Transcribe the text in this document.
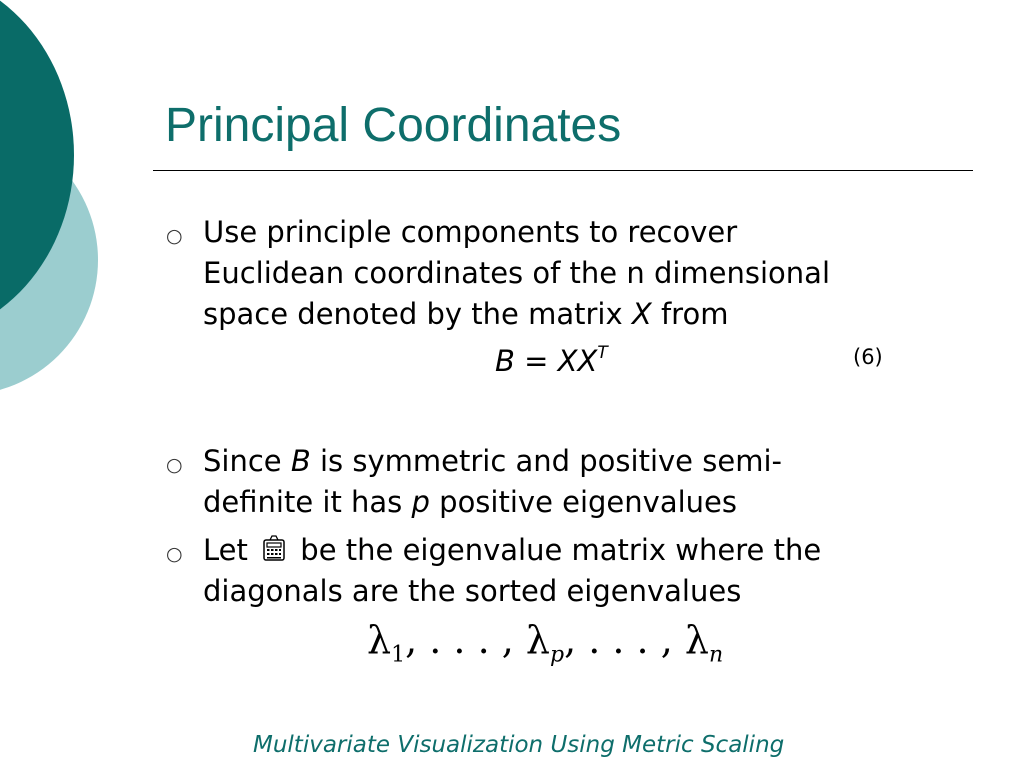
Principal Coordinates
○ Use principle components to recover
Euclidean coordinates of the n dimensional
space denoted by the matrix X from
$B = XX^T$	(6)
○ Since B is symmetric and positive semi-
definite it has p positive eigenvalues
○ Let  be the eigenvalue matrix where the
diagonals are the sorted eigenvalues
$\lambda_1$, . . . , $\lambda_p$, . . . , $\lambda_n$
Multivariate Visualization Using Metric Scaling
